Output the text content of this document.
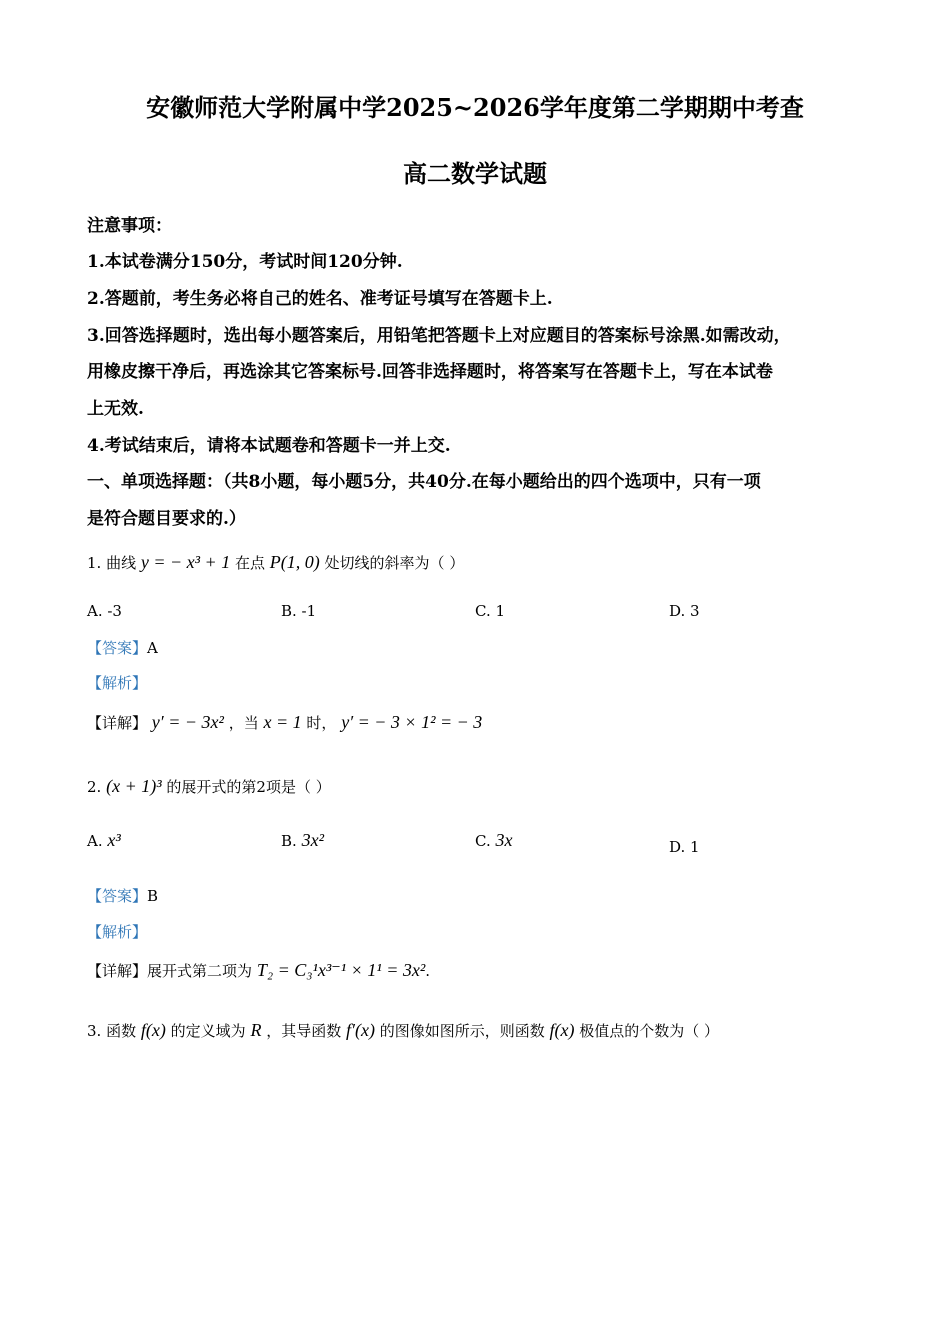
安徽师范大学附属中学2025~2026学年度第二学期期中考查
高二数学试题
注意事项：
1.本试卷满分150分，考试时间120分钟.
2.答题前，考生务必将自己的姓名、准考证号填写在答题卡上.
3.回答选择题时，选出每小题答案后，用铅笔把答题卡上对应题目的答案标号涂黑.如需改动，
用橡皮擦干净后，再选涂其它答案标号.回答非选择题时，将答案写在答题卡上，写在本试卷
上无效.
4.考试结束后，请将本试题卷和答题卡一并上交.
一、单项选择题：（共8小题，每小题5分，共40分.在每小题给出的四个选项中，只有一项
是符合题目要求的.）
1. 曲线 y = − x³ + 1 在点 P(1, 0) 处切线的斜率为（ ）
A. -3	B. -1	C. 1	D. 3
【答案】A
【解析】
【详解】 y′ = − 3x² ，当 x = 1 时， y′ = − 3 × 1² = − 3
2. (x + 1)³ 的展开式的第2项是（ ）
A. x³	B. 3x²	C. 3x	D. 1
【答案】B
【解析】
【详解】展开式第二项为 T₂ = C₃¹x³⁻¹ × 1¹ = 3x².
3. 函数 f(x) 的定义域为 R ，其导函数 f′(x) 的图像如图所示，则函数 f(x) 极值点的个数为（ ）
